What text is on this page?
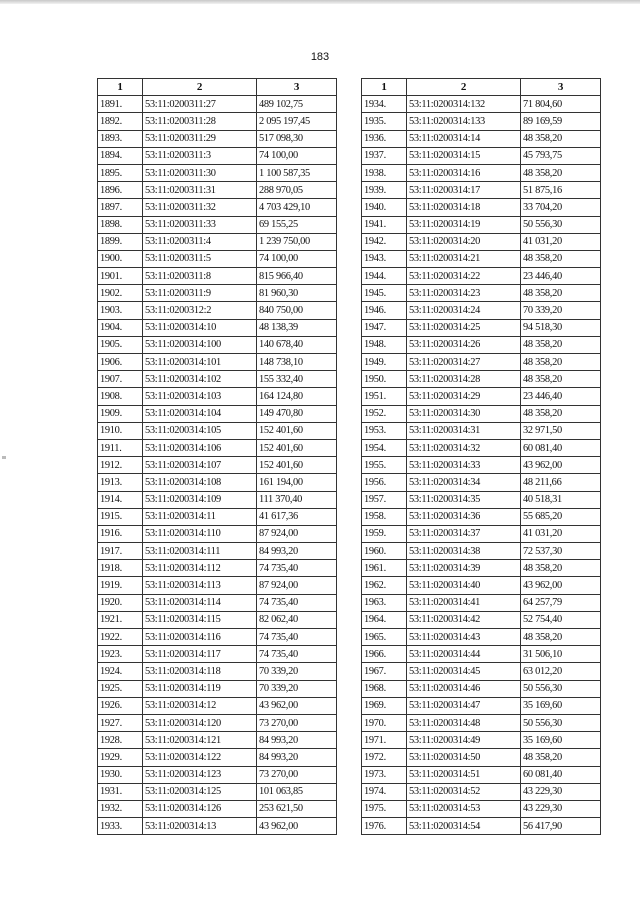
183
1	2	3
1891.	53:11:0200311:27	489 102,75
1892.	53:11:0200311:28	2 095 197,45
1893.	53:11:0200311:29	517 098,30
1894.	53:11:0200311:3	74 100,00
1895.	53:11:0200311:30	1 100 587,35
1896.	53:11:0200311:31	288 970,05
1897.	53:11:0200311:32	4 703 429,10
1898.	53:11:0200311:33	69 155,25
1899.	53:11:0200311:4	1 239 750,00
1900.	53:11:0200311:5	74 100,00
1901.	53:11:0200311:8	815 966,40
1902.	53:11:0200311:9	81 960,30
1903.	53:11:0200312:2	840 750,00
1904.	53:11:0200314:10	48 138,39
1905.	53:11:0200314:100	140 678,40
1906.	53:11:0200314:101	148 738,10
1907.	53:11:0200314:102	155 332,40
1908.	53:11:0200314:103	164 124,80
1909.	53:11:0200314:104	149 470,80
1910.	53:11:0200314:105	152 401,60
1911.	53:11:0200314:106	152 401,60
1912.	53:11:0200314:107	152 401,60
1913.	53:11:0200314:108	161 194,00
1914.	53:11:0200314:109	111 370,40
1915.	53:11:0200314:11	41 617,36
1916.	53:11:0200314:110	87 924,00
1917.	53:11:0200314:111	84 993,20
1918.	53:11:0200314:112	74 735,40
1919.	53:11:0200314:113	87 924,00
1920.	53:11:0200314:114	74 735,40
1921.	53:11:0200314:115	82 062,40
1922.	53:11:0200314:116	74 735,40
1923.	53:11:0200314:117	74 735,40
1924.	53:11:0200314:118	70 339,20
1925.	53:11:0200314:119	70 339,20
1926.	53:11:0200314:12	43 962,00
1927.	53:11:0200314:120	73 270,00
1928.	53:11:0200314:121	84 993,20
1929.	53:11:0200314:122	84 993,20
1930.	53:11:0200314:123	73 270,00
1931.	53:11:0200314:125	101 063,85
1932.	53:11:0200314:126	253 621,50
1933.	53:11:0200314:13	43 962,00
1	2	3
1934.	53:11:0200314:132	71 804,60
1935.	53:11:0200314:133	89 169,59
1936.	53:11:0200314:14	48 358,20
1937.	53:11:0200314:15	45 793,75
1938.	53:11:0200314:16	48 358,20
1939.	53:11:0200314:17	51 875,16
1940.	53:11:0200314:18	33 704,20
1941.	53:11:0200314:19	50 556,30
1942.	53:11:0200314:20	41 031,20
1943.	53:11:0200314:21	48 358,20
1944.	53:11:0200314:22	23 446,40
1945.	53:11:0200314:23	48 358,20
1946.	53:11:0200314:24	70 339,20
1947.	53:11:0200314:25	94 518,30
1948.	53:11:0200314:26	48 358,20
1949.	53:11:0200314:27	48 358,20
1950.	53:11:0200314:28	48 358,20
1951.	53:11:0200314:29	23 446,40
1952.	53:11:0200314:30	48 358,20
1953.	53:11:0200314:31	32 971,50
1954.	53:11:0200314:32	60 081,40
1955.	53:11:0200314:33	43 962,00
1956.	53:11:0200314:34	48 211,66
1957.	53:11:0200314:35	40 518,31
1958.	53:11:0200314:36	55 685,20
1959.	53:11:0200314:37	41 031,20
1960.	53:11:0200314:38	72 537,30
1961.	53:11:0200314:39	48 358,20
1962.	53:11:0200314:40	43 962,00
1963.	53:11:0200314:41	64 257,79
1964.	53:11:0200314:42	52 754,40
1965.	53:11:0200314:43	48 358,20
1966.	53:11:0200314:44	31 506,10
1967.	53:11:0200314:45	63 012,20
1968.	53:11:0200314:46	50 556,30
1969.	53:11:0200314:47	35 169,60
1970.	53:11:0200314:48	50 556,30
1971.	53:11:0200314:49	35 169,60
1972.	53:11:0200314:50	48 358,20
1973.	53:11:0200314:51	60 081,40
1974.	53:11:0200314:52	43 229,30
1975.	53:11:0200314:53	43 229,30
1976.	53:11:0200314:54	56 417,90
